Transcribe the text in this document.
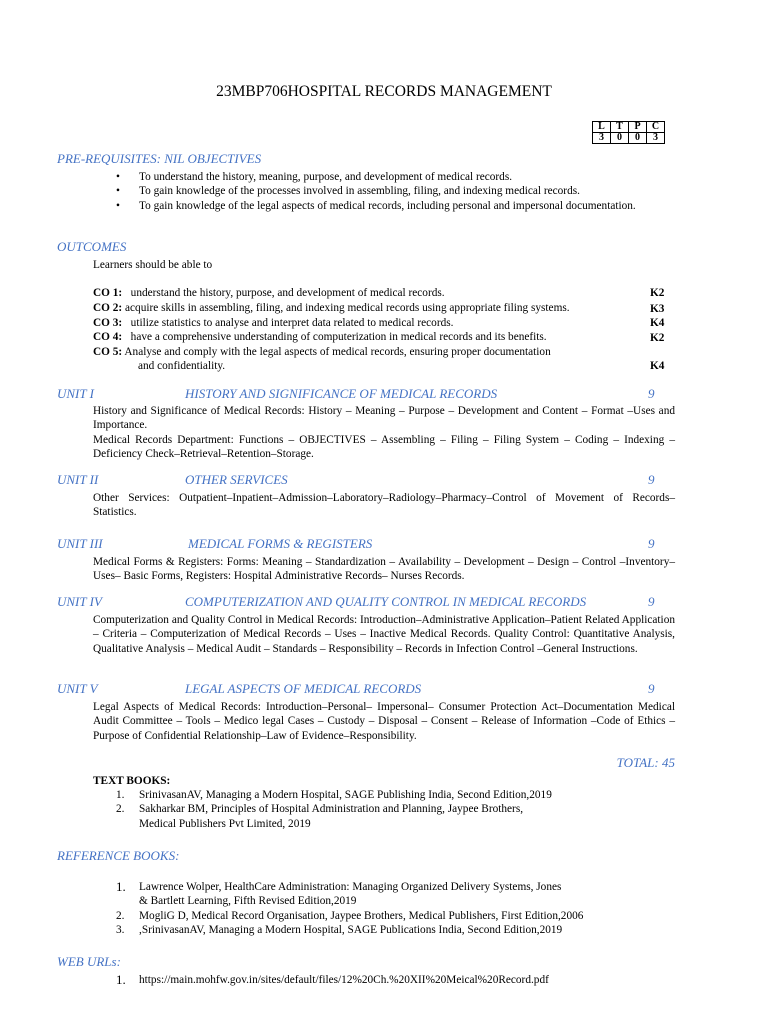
23MBP706HOSPITAL RECORDS MANAGEMENT
L	T	P	C
3	0	0	3
PRE-REQUISITES: NIL OBJECTIVES
• To understand the history, meaning, purpose, and development of medical records.
• To gain knowledge of the processes involved in assembling, filing, and indexing medical records.
• To gain knowledge of the legal aspects of medical records, including personal and impersonal documentation.
OUTCOMES
Learners should be able to
CO 1: understand the history, purpose, and development of medical records.	K2
CO 2: acquire skills in assembling, filing, and indexing medical records using appropriate filing systems.	K3
CO 3: utilize statistics to analyse and interpret data related to medical records.	K4
CO 4: have a comprehensive understanding of computerization in medical records and its benefits.	K2
CO 5: Analyse and comply with the legal aspects of medical records, ensuring proper documentation
and confidentiality.	K4
UNIT I	HISTORY AND SIGNIFICANCE OF MEDICAL RECORDS	9
History and Significance of Medical Records: History – Meaning – Purpose – Development and Content – Format –Uses and Importance.
Medical Records Department: Functions – OBJECTIVES – Assembling – Filing – Filing System – Coding – Indexing –Deficiency Check–Retrieval–Retention–Storage.
UNIT II	OTHER SERVICES	9
Other Services: Outpatient–Inpatient–Admission–Laboratory–Radiology–Pharmacy–Control of Movement of Records–Statistics.
UNIT III	MEDICAL FORMS & REGISTERS	9
Medical Forms & Registers: Forms: Meaning – Standardization – Availability – Development – Design – Control –Inventory–Uses– Basic Forms, Registers: Hospital Administrative Records– Nurses Records.
UNIT IV	COMPUTERIZATION AND QUALITY CONTROL IN MEDICAL RECORDS	9
Computerization and Quality Control in Medical Records: Introduction–Administrative Application–Patient Related Application – Criteria – Computerization of Medical Records – Uses – Inactive Medical Records. Quality Control: Quantitative Analysis, Qualitative Analysis – Medical Audit – Standards – Responsibility – Records in Infection Control –General Instructions.
UNIT V	LEGAL ASPECTS OF MEDICAL RECORDS	9
Legal Aspects of Medical Records: Introduction–Personal– Impersonal– Consumer Protection Act–Documentation Medical Audit Committee – Tools – Medico legal Cases – Custody – Disposal – Consent – Release of Information –Code of Ethics –Purpose of Confidential Relationship–Law of Evidence–Responsibility.
TOTAL: 45
TEXT BOOKS:
1. SrinivasanAV, Managing a Modern Hospital, SAGE Publishing India, Second Edition,2019
2. Sakharkar BM, Principles of Hospital Administration and Planning, Jaypee Brothers,
Medical Publishers Pvt Limited, 2019
REFERENCE BOOKS:
1. Lawrence Wolper, HealthCare Administration: Managing Organized Delivery Systems, Jones
& Bartlett Learning, Fifth Revised Edition,2019
2. MogliG D, Medical Record Organisation, Jaypee Brothers, Medical Publishers, First Edition,2006
3. ,SrinivasanAV, Managing a Modern Hospital, SAGE Publications India, Second Edition,2019
WEB URLs:
1. https://main.mohfw.gov.in/sites/default/files/12%20Ch.%20XII%20Meical%20Record.pdf
